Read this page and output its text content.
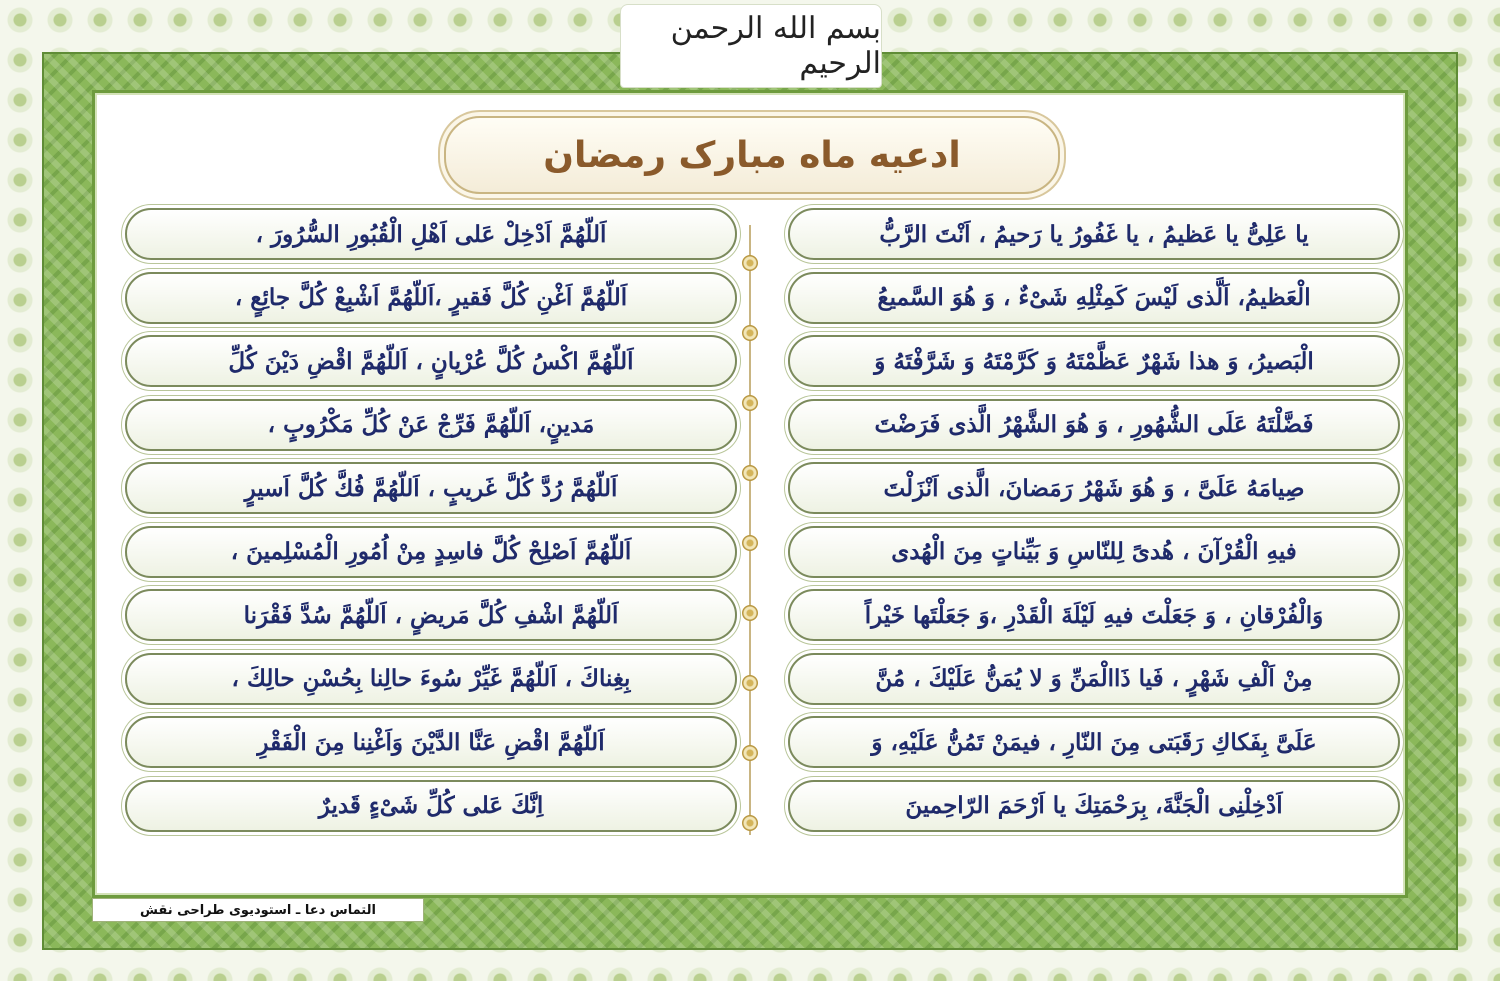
بسم الله الرحمن الرحيم
ادعیه ماه مبارک رمضان
یا عَلِیُّ یا عَظیمُ ، یا غَفُورُ یا رَحیمُ ، اَنْتَ الرَّبُّ
الْعَظیمُ، اَلَّذی لَیْسَ کَمِثْلِهِ شَیْءٌ ، وَ هُوَ السَّمیعُ
الْبَصیرُ، وَ هذا شَهْرٌ عَظَّمْتَهُ وَ کَرَّمْتَهُ وَ شَرَّفْتَهُ وَ
فَضَّلْتَهُ عَلَی الشُّهُورِ ، وَ هُوَ الشَّهْرُ الَّذی فَرَضْتَ
صِیامَهُ عَلَیَّ ، وَ هُوَ شَهْرُ رَمَضانَ، الَّذی اَنْزَلْتَ
فیهِ الْقُرْآنَ ، هُدیً لِلنّاسِ وَ بَیِّناتٍ مِنَ الْهُدی
وَالْفُرْقانِ ، وَ جَعَلْتَ فیهِ لَیْلَةَ الْقَدْرِ ،وَ جَعَلْتَها خَیْراً
مِنْ اَلْفِ شَهْرٍ ، فَیا ذَاالْمَنِّ وَ لا یُمَنُّ عَلَیْكَ ، مُنَّ
عَلَیَّ بِفَکاكِ رَقَبَتی مِنَ النّارِ ، فیمَنْ تَمُنُّ عَلَیْهِ، وَ
اَدْخِلْنِی الْجَنَّةَ، بِرَحْمَتِكَ یا اَرْحَمَ الرّاحِمینَ
اَللّهُمَّ اَدْخِلْ عَلی اَهْلِ الْقُبُورِ السُّرُورَ ،
اَللّهُمَّ اَغْنِ کُلَّ فَقیرٍ ،اَللّهُمَّ اَشْبِعْ کُلَّ جائِعٍ ،
اَللّهُمَّ اکْسُ کُلَّ عُرْیانٍ ، اَللّهُمَّ اقْضِ دَیْنَ کُلِّ
مَدینٍ، اَللّهُمَّ فَرِّجْ عَنْ کُلِّ مَکْرُوبٍ ،
اَللّهُمَّ رُدَّ کُلَّ غَریبٍ ، اَللّهُمَّ فُكَّ کُلَّ اَسیرٍ
اَللّهُمَّ اَصْلِحْ کُلَّ فاسِدٍ مِنْ اُمُورِ الْمُسْلِمینَ ،
اَللّهُمَّ اشْفِ کُلَّ مَریضٍ ، اَللّهُمَّ سُدَّ فَقْرَنا
بِغِناكَ ، اَللّهُمَّ غَیِّرْ سُوءَ حالِنا بِحُسْنِ حالِكَ ،
اَللّهُمَّ اقْضِ عَنَّا الدَّیْنَ وَاَغْنِنا مِنَ الْفَقْرِ
اِنَّكَ عَلی کُلِّ شَیْءٍ قَدیرٌ
التماس دعا ـ استودیوی طراحی نقش
